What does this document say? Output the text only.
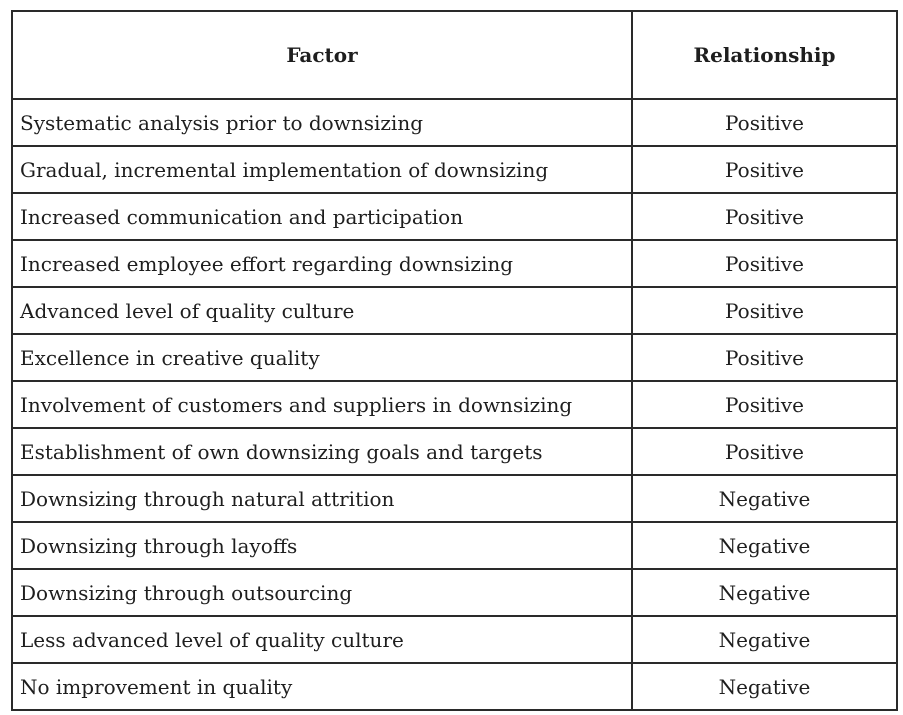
Factor	Relationship
Systematic analysis prior to downsizing	Positive
Gradual, incremental implementation of downsizing	Positive
Increased communication and participation	Positive
Increased employee effort regarding downsizing	Positive
Advanced level of quality culture	Positive
Excellence in creative quality	Positive
Involvement of customers and suppliers in downsizing	Positive
Establishment of own downsizing goals and targets	Positive
Downsizing through natural attrition	Negative
Downsizing through layoffs	Negative
Downsizing through outsourcing	Negative
Less advanced level of quality culture	Negative
No improvement in quality	Negative
